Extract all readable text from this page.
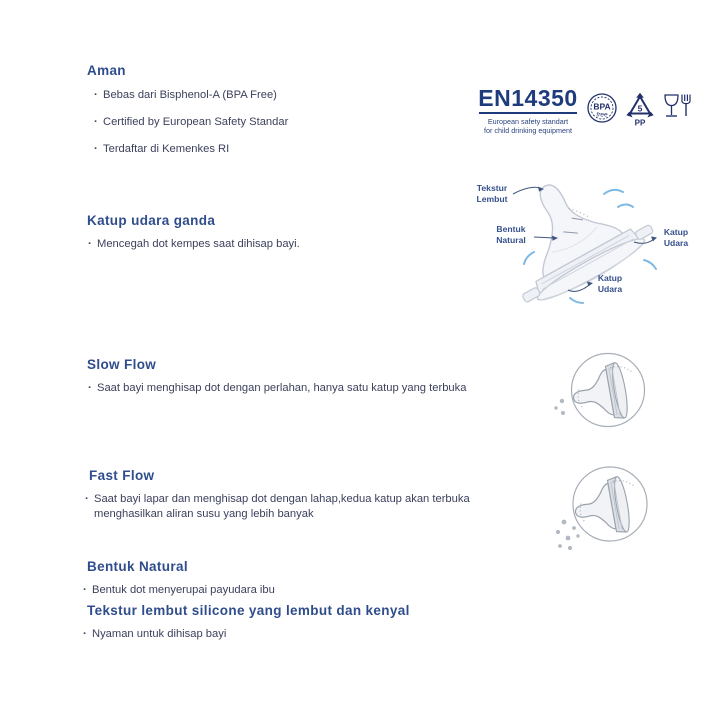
Aman
· Bebas dari Bisphenol-A (BPA Free)
· Certified by European Safety Standar
· Terdaftar di Kemenkes RI
Katup udara ganda
· Mencegah dot kempes saat dihisap bayi.
Slow Flow
· Saat bayi menghisap dot dengan perlahan, hanya satu katup yang terbuka
Fast Flow
· Saat bayi lapar dan menghisap dot dengan lahap,kedua katup akan terbuka menghasilkan aliran susu yang lebih banyak
Bentuk Natural
· Bentuk dot menyerupai payudara ibu
Tekstur lembut silicone yang lembut dan kenyal
· Nyaman untuk dihisap bayi
EN14350
European safety standart
for child drinking equipment
BPA
free
5
PP
Tekstur
Lembut
Bentuk
Natural
Katup
Udara
Katup
Udara
